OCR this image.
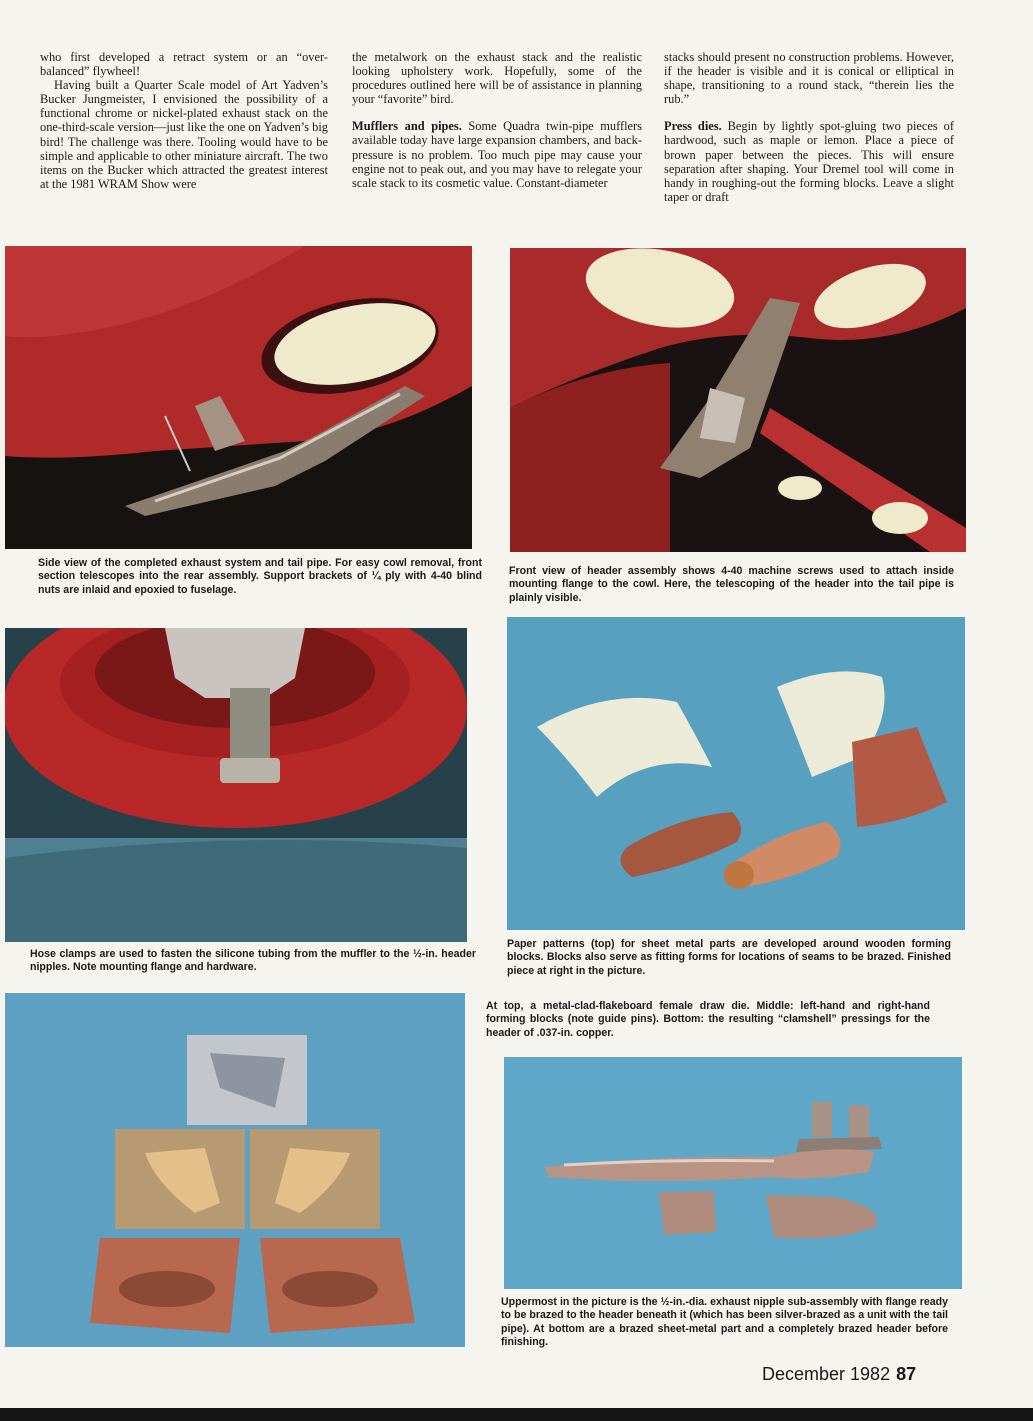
who first developed a retract system or an “over-balanced” flywheel!

Having built a Quarter Scale model of Art Yadven’s Bucker Jungmeister, I envisioned the possibility of a functional chrome or nickel-plated exhaust stack on the one-third-scale version—just like the one on Yadven’s big bird! The challenge was there. Tooling would have to be simple and applicable to other miniature aircraft. The two items on the Bucker which attracted the greatest interest at the 1981 WRAM Show were

the metalwork on the exhaust stack and the realistic looking upholstery work. Hopefully, some of the procedures outlined here will be of assistance in planning your “favorite” bird.

Mufflers and pipes. Some Quadra twin-pipe mufflers available today have large expansion chambers, and back-pressure is no problem. Too much pipe may cause your engine not to peak out, and you may have to relegate your scale stack to its cosmetic value. Constant-diameter

stacks should present no construction problems. However, if the header is visible and it is conical or elliptical in shape, transitioning to a round stack, “therein lies the rub.”

Press dies. Begin by lightly spot-gluing two pieces of hardwood, such as maple or lemon. Place a piece of brown paper between the pieces. This will ensure separation after shaping. Your Dremel tool will come in handy in roughing-out the forming blocks. Leave a slight taper or draft

Side view of the completed exhaust system and tail pipe. For easy cowl removal, front section telescopes into the rear assembly. Support brackets of ¼ ply with 4-40 blind nuts are inlaid and epoxied to fuselage.
Front view of header assembly shows 4-40 machine screws used to attach inside mounting flange to the cowl. Here, the telescoping of the header into the tail pipe is plainly visible.
Hose clamps are used to fasten the silicone tubing from the muffler to the ½-in. header nipples. Note mounting flange and hardware.
Paper patterns (top) for sheet metal parts are developed around wooden forming blocks. Blocks also serve as fitting forms for locations of seams to be brazed. Finished piece at right in the picture.
At top, a metal-clad-flakeboard female draw die. Middle: left-hand and right-hand forming blocks (note guide pins). Bottom: the resulting “clamshell” pressings for the header of .037-in. copper.
Uppermost in the picture is the ½-in.-dia. exhaust nipple sub-assembly with flange ready to be brazed to the header beneath it (which has been silver-brazed as a unit with the tail pipe). At bottom are a brazed sheet-metal part and a completely brazed header before finishing.
December 1982 87
